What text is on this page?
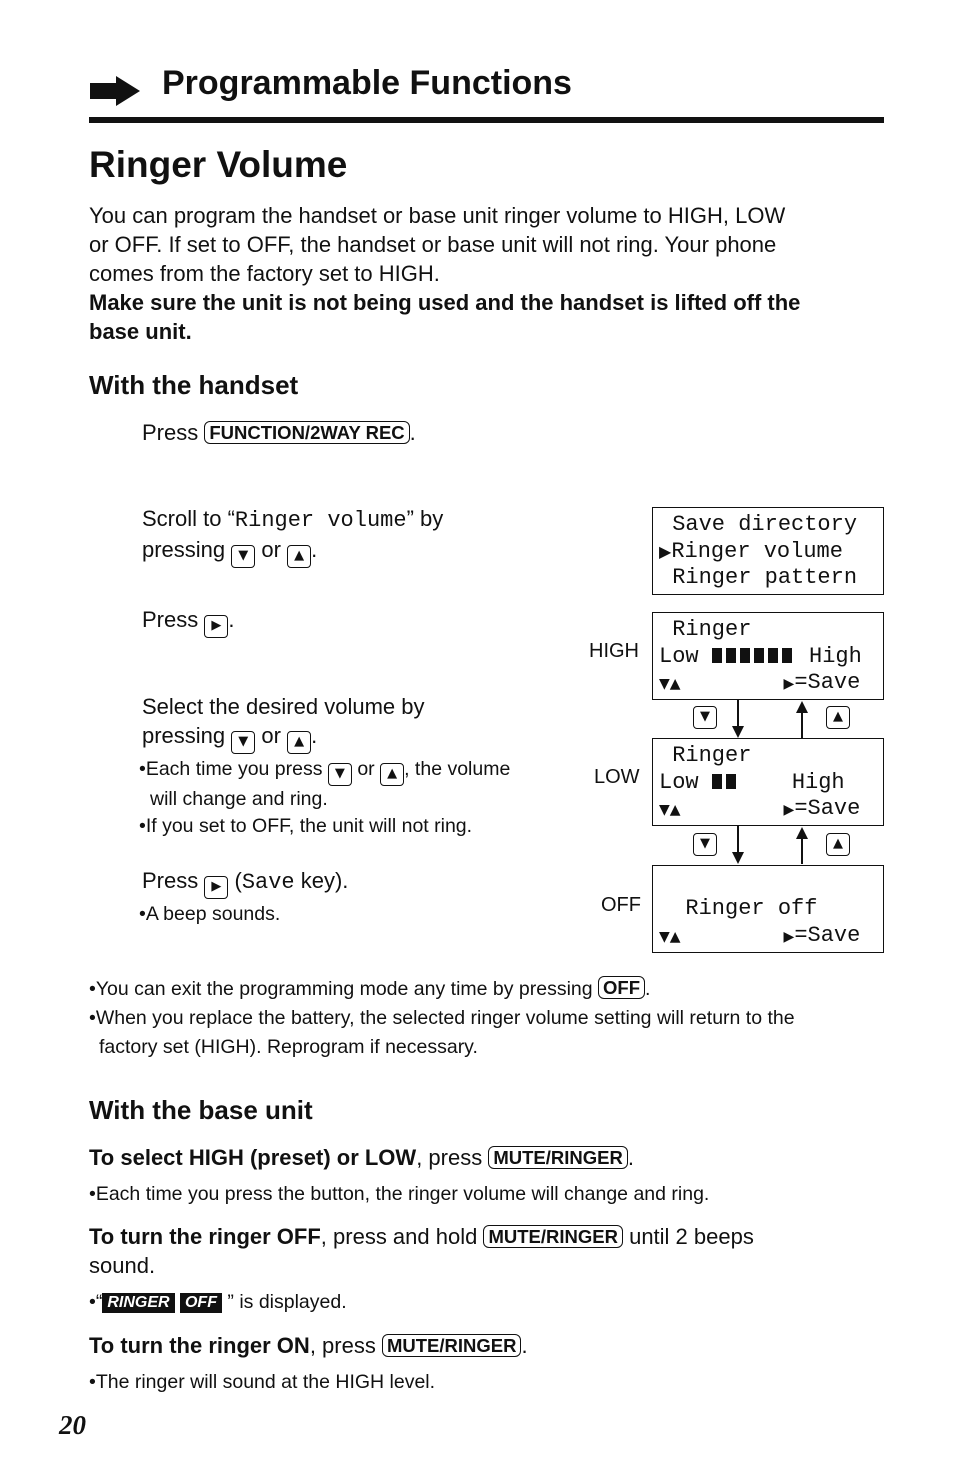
Programmable Functions
Ringer Volume
You can program the handset or base unit ringer volume to HIGH, LOW
or OFF. If set to OFF, the handset or base unit will not ring. Your phone
comes from the factory set to HIGH.
Make sure the unit is not being used and the handset is lifted off the
base unit.
With the handset
Press FUNCTION/2WAY REC .
Scroll to “Ringer volume” by
pressing ▼ or ▲ .
Press ▶ .
Select the desired volume by
pressing ▼ or ▲ .
•Each time you press ▼ or ▲ , the volume
will change and ring.
•If you set to OFF, the unit will not ring.
Press ▶ (Save key).
•A beep sounds.
Save directory
▶Ringer volume
Ringer pattern
HIGH
Ringer
Low	High
▼▲	▶=Save
LOW
Ringer
Low	High
▼▲	▶=Save
OFF Ringer off
▼▲	▶=Save
▼	▲
▼	▲
•You can exit the programming mode any time by pressing OFF .
•When you replace the battery, the selected ringer volume setting will return to the
factory set (HIGH). Reprogram if necessary.
With the base unit
To select HIGH (preset) or LOW, press MUTE/RINGER .
•Each time you press the button, the ringer volume will change and ring.
To turn the ringer OFF, press and hold MUTE/RINGER until 2 beeps
sound.
•“ RINGER OFF ” is displayed.
To turn the ringer ON, press MUTE/RINGER .
•The ringer will sound at the HIGH level.
20
